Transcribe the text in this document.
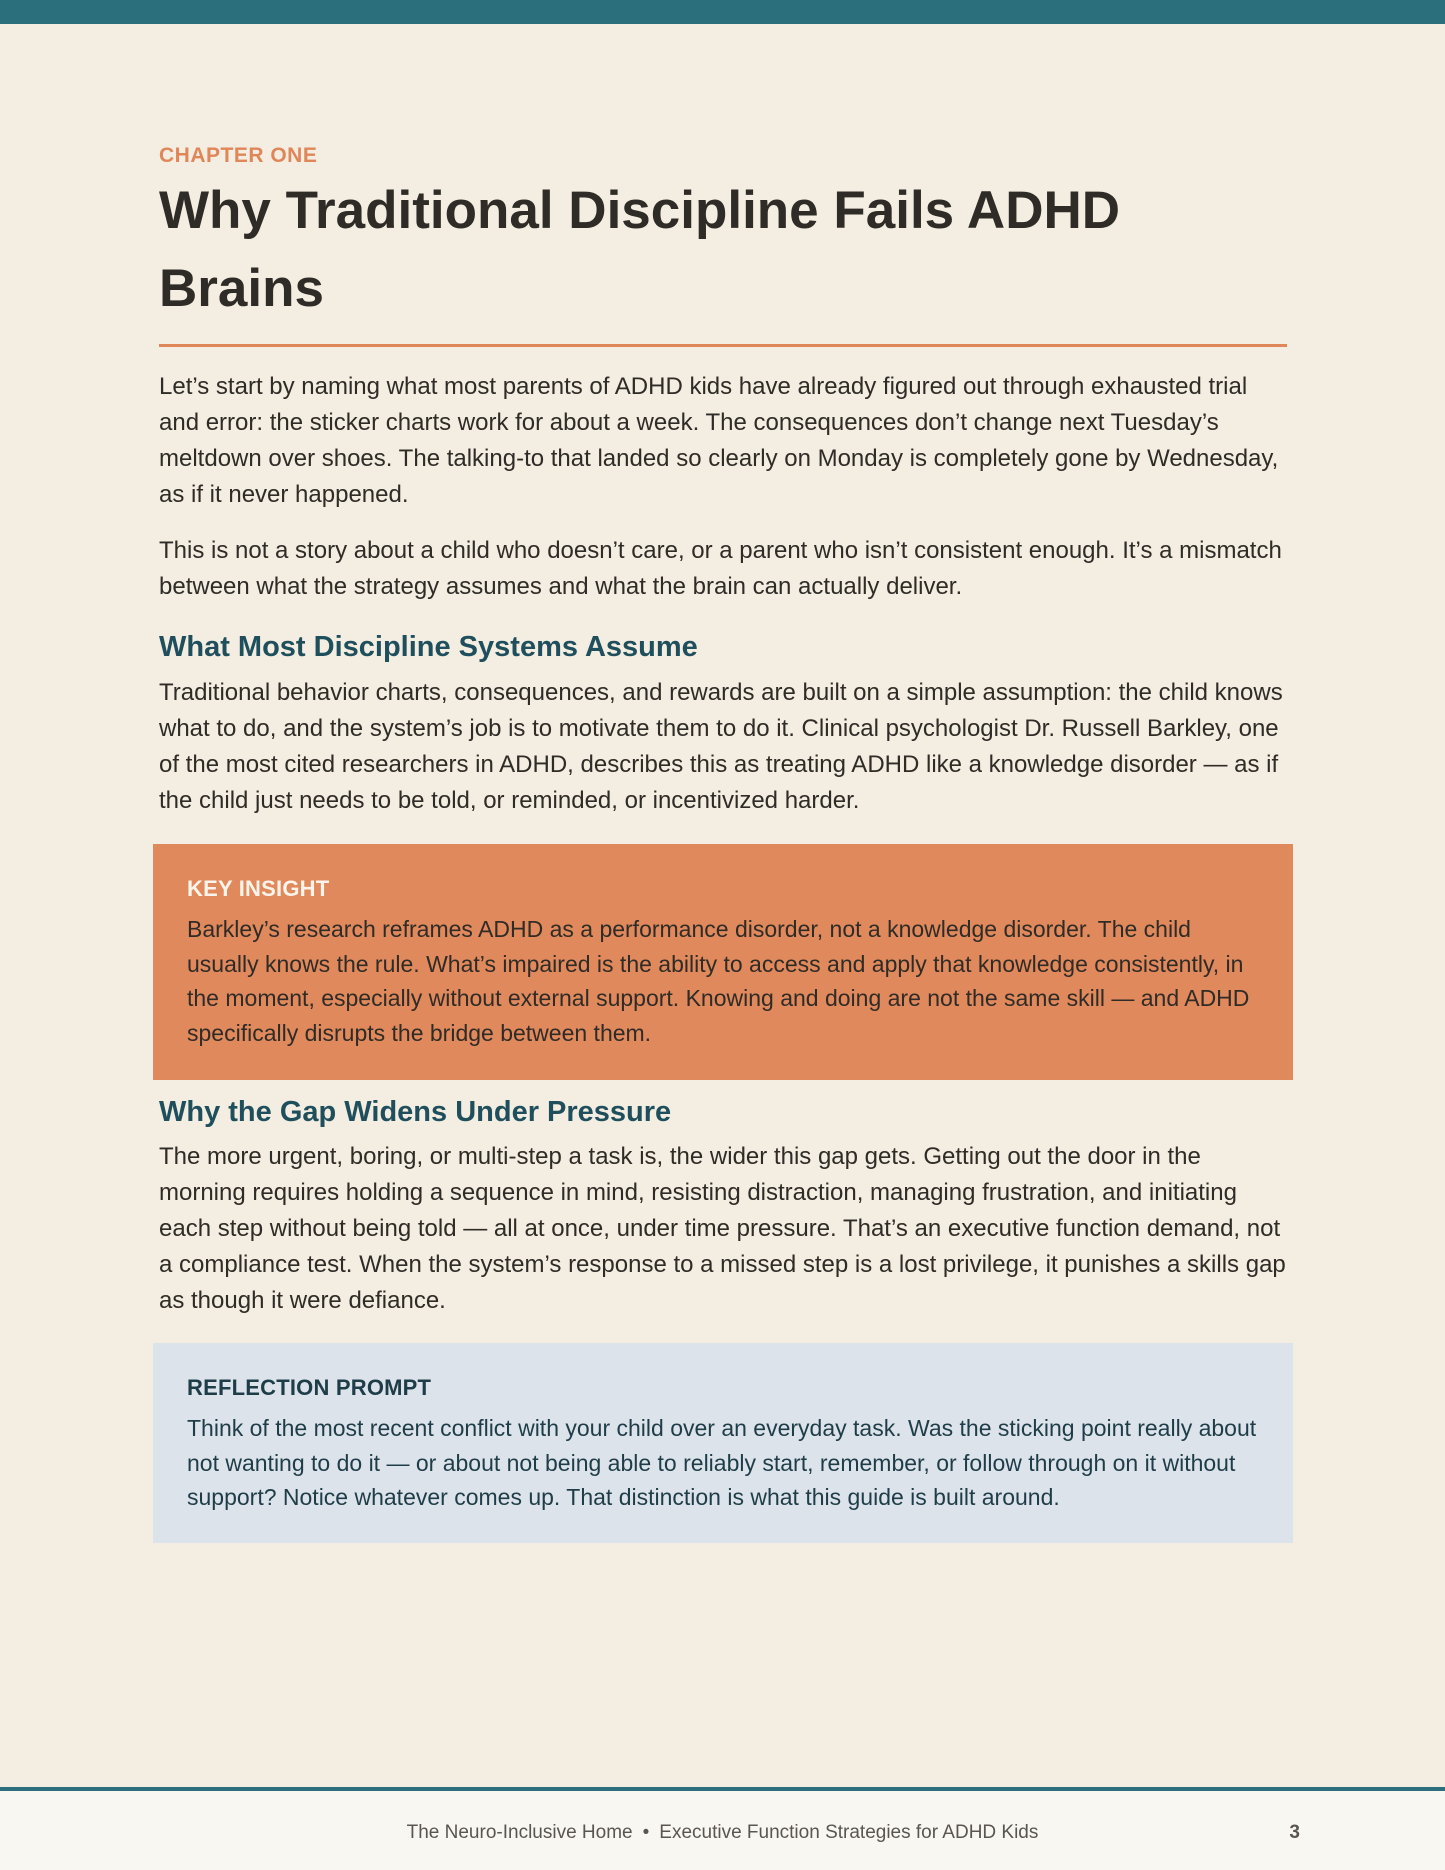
CHAPTER ONE

Why Traditional Discipline Fails ADHD Brains

Let’s start by naming what most parents of ADHD kids have already figured out through exhausted trial and error: the sticker charts work for about a week. The consequences don’t change next Tuesday’s meltdown over shoes. The talking-to that landed so clearly on Monday is completely gone by Wednesday, as if it never happened.

This is not a story about a child who doesn’t care, or a parent who isn’t consistent enough. It’s a mismatch between what the strategy assumes and what the brain can actually deliver.

What Most Discipline Systems Assume

Traditional behavior charts, consequences, and rewards are built on a simple assumption: the child knows what to do, and the system’s job is to motivate them to do it. Clinical psychologist Dr. Russell Barkley, one of the most cited researchers in ADHD, describes this as treating ADHD like a knowledge disorder — as if the child just needs to be told, or reminded, or incentivized harder.

KEY INSIGHT

Barkley’s research reframes ADHD as a performance disorder, not a knowledge disorder. The child usually knows the rule. What’s impaired is the ability to access and apply that knowledge consistently, in the moment, especially without external support. Knowing and doing are not the same skill — and ADHD specifically disrupts the bridge between them.

Why the Gap Widens Under Pressure

The more urgent, boring, or multi-step a task is, the wider this gap gets. Getting out the door in the morning requires holding a sequence in mind, resisting distraction, managing frustration, and initiating each step without being told — all at once, under time pressure. That’s an executive function demand, not a compliance test. When the system’s response to a missed step is a lost privilege, it punishes a skills gap as though it were defiance.

REFLECTION PROMPT

Think of the most recent conflict with your child over an everyday task. Was the sticking point really about not wanting to do it — or about not being able to reliably start, remember, or follow through on it without support? Notice whatever comes up. That distinction is what this guide is built around.

The Neuro-Inclusive Home • Executive Function Strategies for ADHD Kids	3
